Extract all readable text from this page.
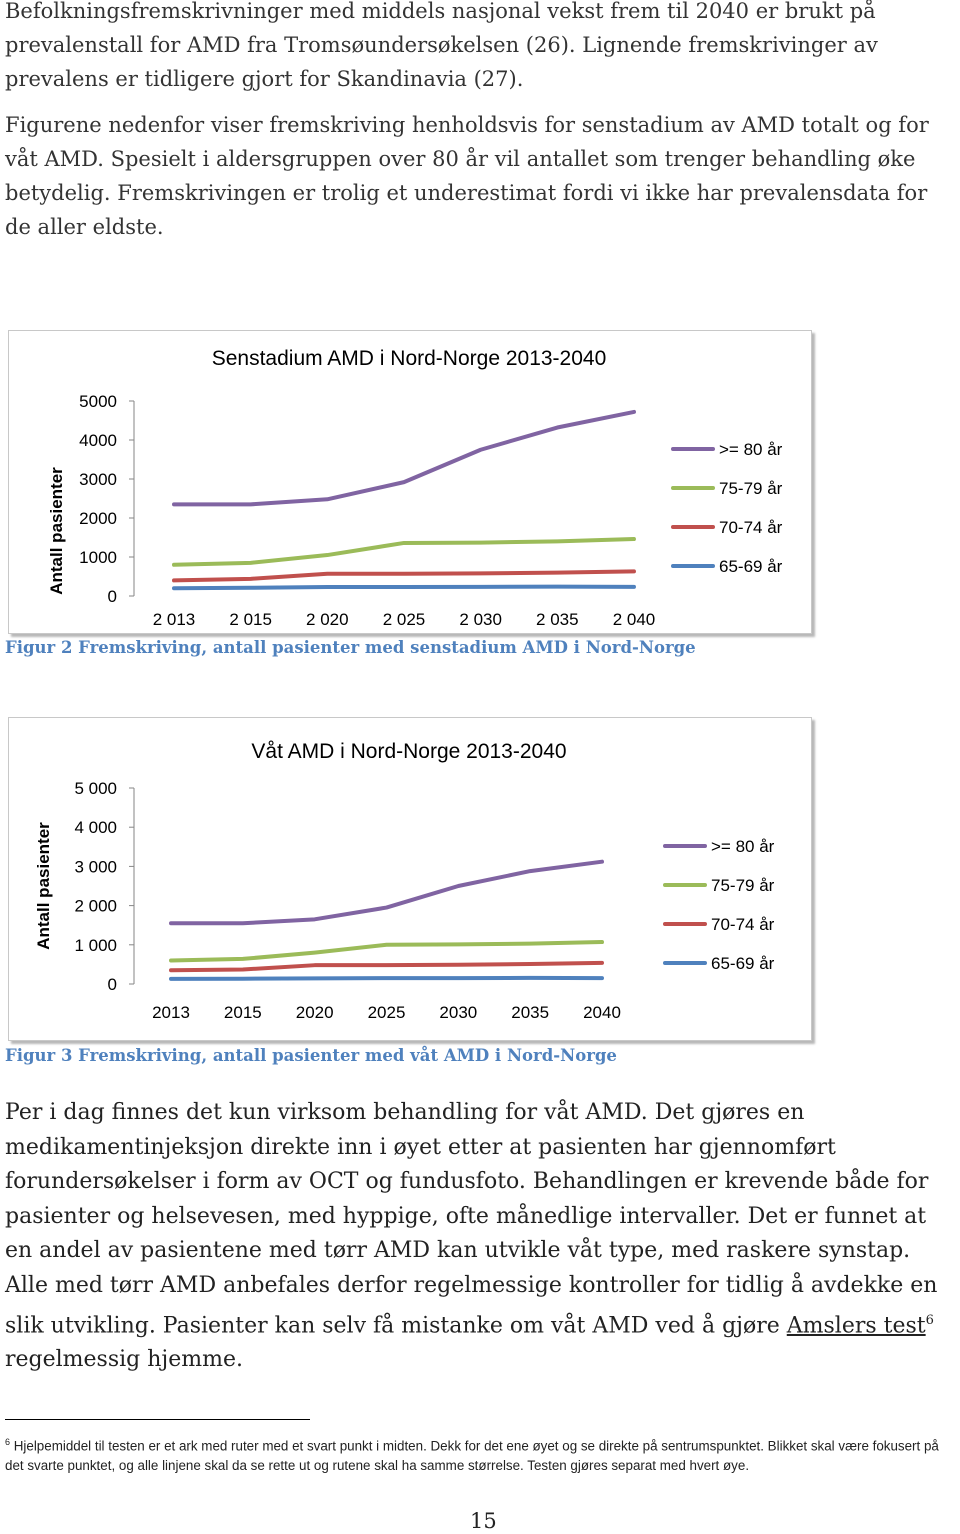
Befolkningsfremskrivninger med middels nasjonal vekst frem til 2040 er brukt på prevalenstall for AMD fra Tromsøundersøkelsen (26). Lignende fremskrivinger av prevalens er tidligere gjort for Skandinavia (27).

Figurene nedenfor viser fremskriving henholdsvis for senstadium av AMD totalt og for våt AMD. Spesielt i aldersgruppen over 80 år vil antallet som trenger behandling øke betydelig. Fremskrivingen er trolig et underestimat fordi vi ikke har prevalensdata for de aller eldste.

Senstadium AMD i Nord-Norge 2013-2040
Antall pasienter
0
1000
2000
3000
4000
5000
2 013 2 015 2 020 2 025 2 030 2 035 2 040
>= 80 år
75-79 år
70-74 år
65-69 år
Figur 2 Fremskriving, antall pasienter med senstadium AMD i Nord-Norge
Våt AMD i Nord-Norge 2013-2040
Antall pasienter
0
1 000
2 000
3 000
4 000
5 000
2013 2015 2020 2025 2030 2035 2040
>= 80 år
75-79 år
70-74 år
65-69 år
Figur 3 Fremskriving, antall pasienter med våt AMD i Nord-Norge

Per i dag finnes det kun virksom behandling for våt AMD. Det gjøres en medikamentinjeksjon direkte inn i øyet etter at pasienten har gjennomført forundersøkelser i form av OCT og fundusfoto. Behandlingen er krevende både for pasienter og helsevesen, med hyppige, ofte månedlige intervaller. Det er funnet at en andel av pasientene med tørr AMD kan utvikle våt type, med raskere synstap. Alle med tørr AMD anbefales derfor regelmessige kontroller for tidlig å avdekke en slik utvikling. Pasienter kan selv få mistanke om våt AMD ved å gjøre Amslers test$^6$ regelmessig hjemme.

$^6$ Hjelpemiddel til testen er et ark med ruter med et svart punkt i midten. Dekk for det ene øyet og se direkte på sentrumspunktet. Blikket skal være fokusert på det svarte punktet, og alle linjene skal da se rette ut og rutene skal ha samme størrelse. Testen gjøres separat med hvert øye.
15
